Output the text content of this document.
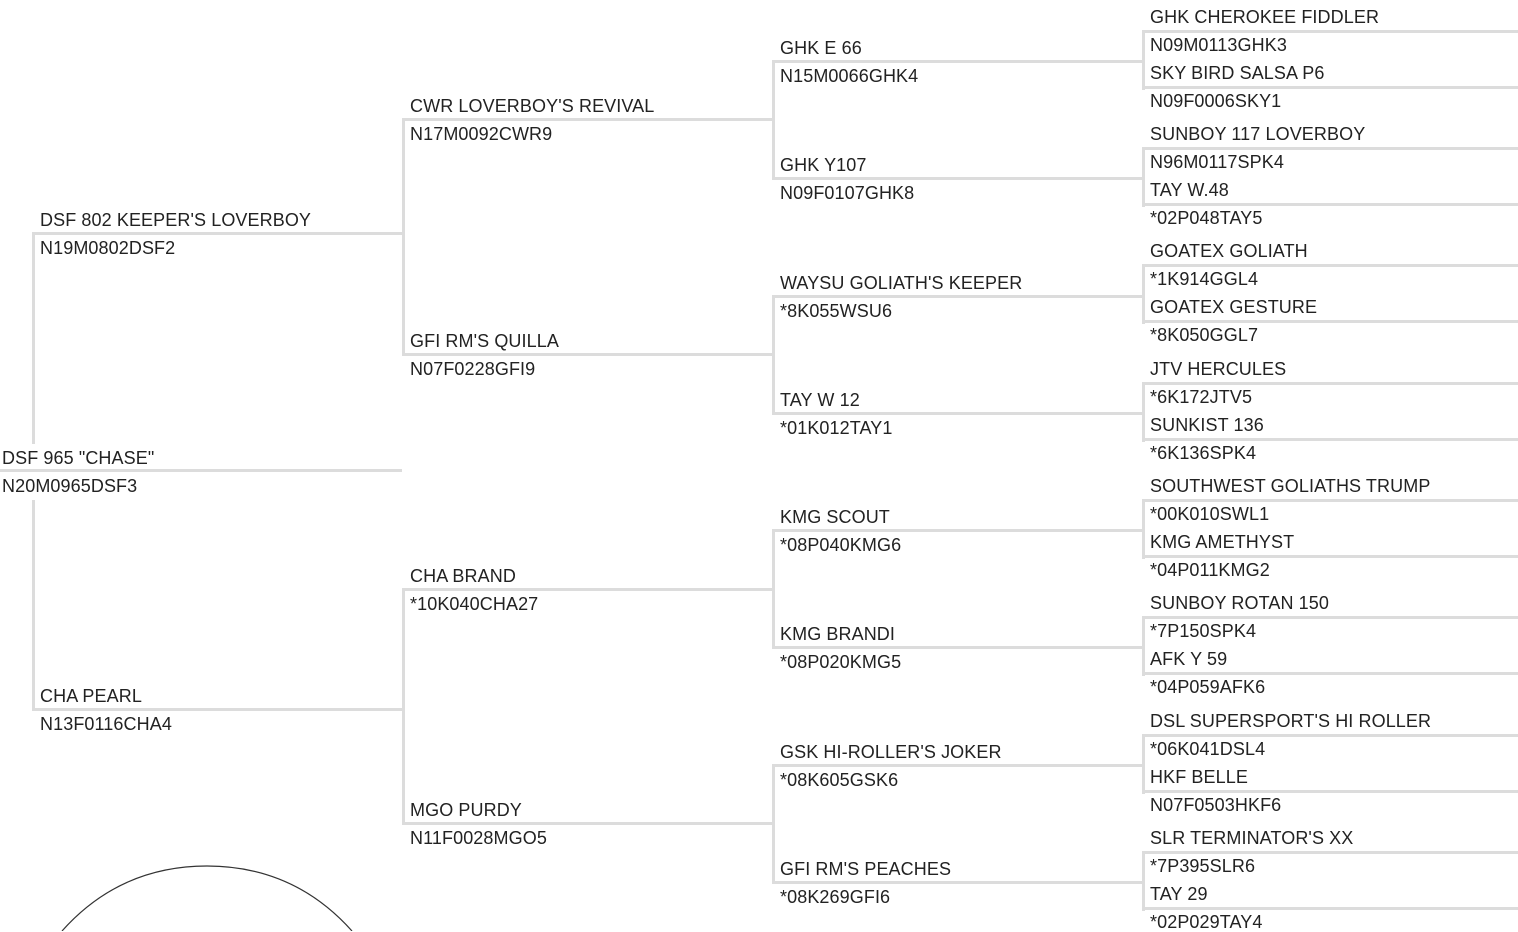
DSF 965 "CHASE"
N20M0965DSF3
DSF 802 KEEPER'S LOVERBOY
N19M0802DSF2
CHA PEARL
N13F0116CHA4
CWR LOVERBOY'S REVIVAL
N17M0092CWR9
GFI RM'S QUILLA
N07F0228GFI9
CHA BRAND
*10K040CHA27
MGO PURDY
N11F0028MGO5
GHK E 66
N15M0066GHK4
GHK Y107
N09F0107GHK8
WAYSU GOLIATH'S KEEPER
*8K055WSU6
TAY W 12
*01K012TAY1
KMG SCOUT
*08P040KMG6
KMG BRANDI
*08P020KMG5
GSK HI-ROLLER'S JOKER
*08K605GSK6
GFI RM'S PEACHES
*08K269GFI6
GHK CHEROKEE FIDDLER
N09M0113GHK3
SKY BIRD SALSA P6
N09F0006SKY1
SUNBOY 117 LOVERBOY
N96M0117SPK4
TAY W.48
*02P048TAY5
GOATEX GOLIATH
*1K914GGL4
GOATEX GESTURE
*8K050GGL7
JTV HERCULES
*6K172JTV5
SUNKIST 136
*6K136SPK4
SOUTHWEST GOLIATHS TRUMP
*00K010SWL1
KMG AMETHYST
*04P011KMG2
SUNBOY ROTAN 150
*7P150SPK4
AFK Y 59
*04P059AFK6
DSL SUPERSPORT'S HI ROLLER
*06K041DSL4
HKF BELLE
N07F0503HKF6
SLR TERMINATOR'S XX
*7P395SLR6
TAY 29
*02P029TAY4
